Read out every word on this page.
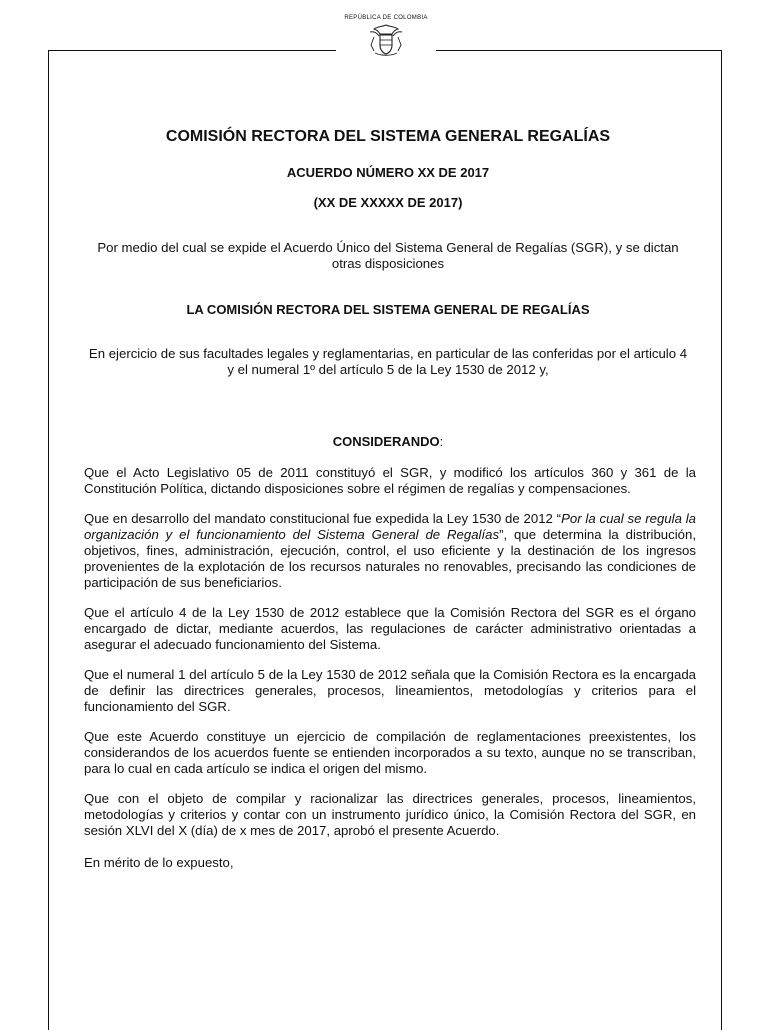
REPÚBLICA DE COLOMBIA
COMISIÓN RECTORA DEL SISTEMA GENERAL REGALÍAS
ACUERDO NÚMERO XX DE 2017
(XX DE XXXXX DE 2017)
Por medio del cual se expide el Acuerdo Único del Sistema General de Regalías (SGR), y se dictan otras disposiciones
LA COMISIÓN RECTORA DEL SISTEMA GENERAL DE REGALÍAS
En ejercicio de sus facultades legales y reglamentarias, en particular de las conferidas por el articulo 4 y el numeral 1º del artículo 5 de la Ley 1530 de 2012 y,
CONSIDERANDO:

Que el Acto Legislativo 05 de 2011 constituyó el SGR, y modificó los artículos 360 y 361 de la Constitución Política, dictando disposiciones sobre el régimen de regalías y compensaciones.

Que en desarrollo del mandato constitucional fue expedida la Ley 1530 de 2012 “Por la cual se regula la organización y el funcionamiento del Sistema General de Regalías”, que determina la distribución, objetivos, fines, administración, ejecución, control, el uso eficiente y la destinación de los ingresos provenientes de la explotación de los recursos naturales no renovables, precisando las condiciones de participación de sus beneficiarios.

Que el artículo 4 de la Ley 1530 de 2012 establece que la Comisión Rectora del SGR es el órgano encargado de dictar, mediante acuerdos, las regulaciones de carácter administrativo orientadas a asegurar el adecuado funcionamiento del Sistema.

Que el numeral 1 del artículo 5 de la Ley 1530 de 2012 señala que la Comisión Rectora es la encargada de definir las directrices generales, procesos, lineamientos, metodologías y criterios para el funcionamiento del SGR.

Que este Acuerdo constituye un ejercicio de compilación de reglamentaciones preexistentes, los considerandos de los acuerdos fuente se entienden incorporados a su texto, aunque no se transcriban, para lo cual en cada artículo se indica el origen del mismo.

Que con el objeto de compilar y racionalizar las directrices generales, procesos, lineamientos, metodologías y criterios y contar con un instrumento jurídico único, la Comisión Rectora del SGR, en sesión XLVI del X (día) de x mes de 2017, aprobó el presente Acuerdo.

En mérito de lo expuesto,
